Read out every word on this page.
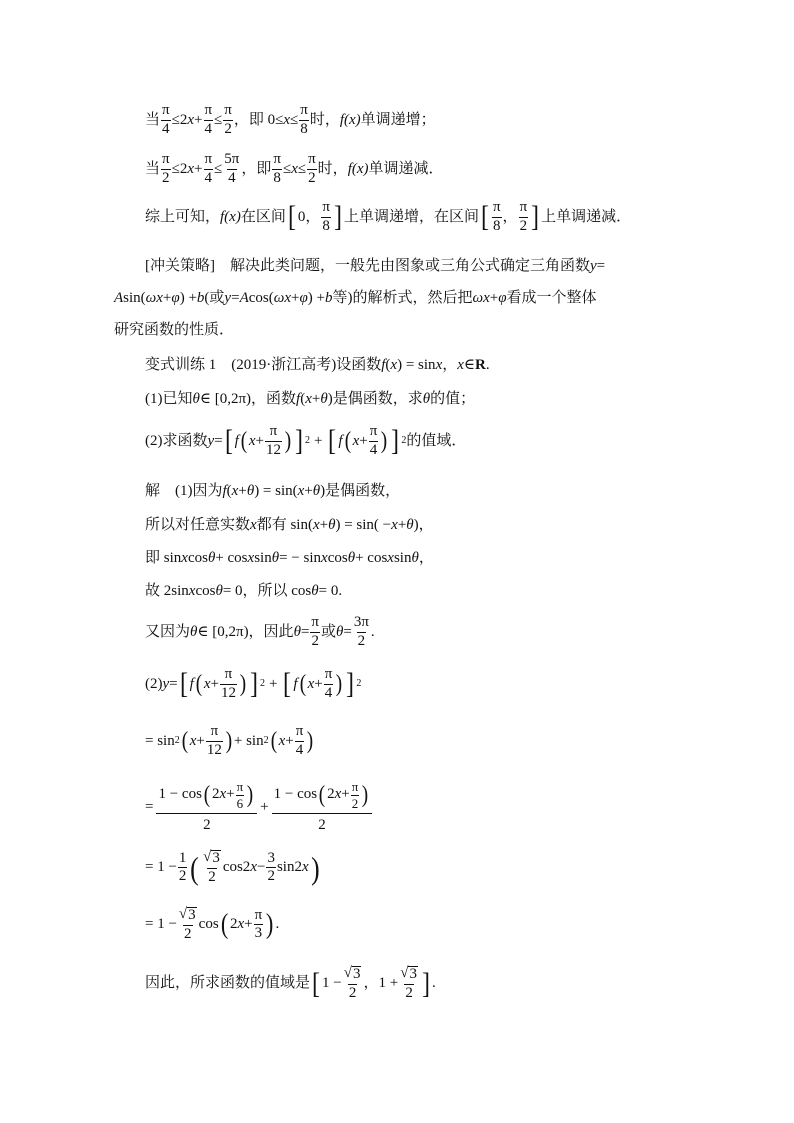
当 $\frac{\pi}{4} \le 2$ $x + \frac{\pi}{4} \le \frac{\pi}{2}$ ，即 $0\le x \le \frac{\pi}{8}$ 时， f(x) 单调递增；
当 $\frac{\pi}{2} \le 2$ $x + \frac{\pi}{4} \le \frac{5\pi}{4}$ ，即 $\frac{\pi}{8} \le x \le \frac{\pi}{2}$ 时， f(x) 单调递减．
综上可知， f(x) 在区间 [ 0， $\frac{\pi}{8}$ ] 上单调递增，在区间 [ $\frac{\pi}{8}$ ， $\frac{\pi}{2}$ ] 上单调递减．
[冲关策略]　解决此类问题，一般先由图象或三角公式确定三角函数 y =
A sin( ωx + φ ) + b (或 y = A cos( ωx + φ ) + b 等)的解析式，然后把 ωx + φ 看成一个整体
研究函数的性质．
变式训练 1　(2019·浙江高考)设函数 f ( x ) = sin x ， x ∈ R .
(1)已知 θ ∈ [0,2π)，函数 f ( x + θ )是偶函数，求 θ 的值；
(2)求函数 y = [ f ( $x + \frac{\pi}{12}$ ) ] 2 + [ f ( $x + \frac{\pi}{4}$ ) ] 2 的值域．
解　(1)因为 f ( x + θ ) = sin( x + θ )是偶函数，
所以对任意实数 x 都有 sin( x + θ ) = sin( − x + θ )，
即 sin x cos θ + cos x sin θ = − sin x cos θ + cos x sin θ ，
故 2sin x cos θ = 0，所以 cos θ = 0.
又因为 θ ∈ [0,2π)，因此 $\theta = \frac{\pi}{2}$ 或 $\theta = \frac{3\pi}{2}$ .
(2) y = [ f ( $x + \frac{\pi}{12}$ ) ] 2 + [ f ( $x + \frac{\pi}{4}$ ) ] 2
= sin 2 ( $x + \frac{\pi}{12}$ ) + sin 2 ( $x + \frac{\pi}{4}$ )
= $\frac{1 - \cos ( 2 x + \frac{\pi}{6} )}{2} + \frac{1 - \cos ( 2 x + \frac{\pi}{2} )}{2}$
= $1 - \frac{1}{2}$ ( $\frac{√ 3}{2} \cos 2$ $x - \frac{3}{2} \sin 2$ x )
= $1 - \frac{√ 3}{2}$ cos ( 2 $x + \frac{\pi}{3}$ ) .
因此，所求函数的值域是 [ $1 - \frac{√ 3}{2}$ ， $1 + \frac{√ 3}{2}$ ] .
